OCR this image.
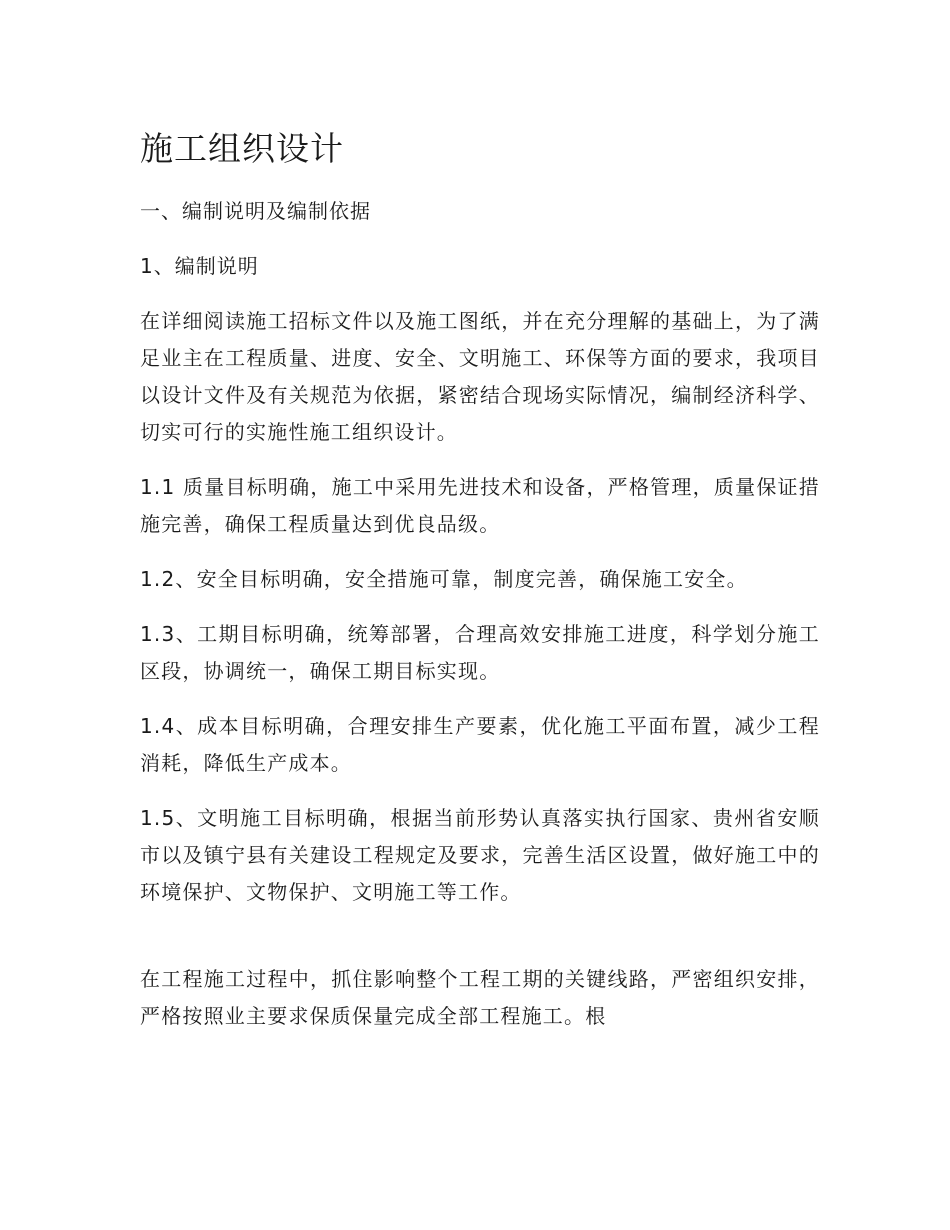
施工组织设计
一、编制说明及编制依据
1、编制说明

在详细阅读施工招标文件以及施工图纸，并在充分理解的基础上，为了满足业主在工程质量、进度、安全、文明施工、环保等方面的要求，我项目以设计文件及有关规范为依据，紧密结合现场实际情况，编制经济科学、切实可行的实施性施工组织设计。

1.1 质量目标明确，施工中采用先进技术和设备，严格管理，质量保证措施完善，确保工程质量达到优良品级。

1.2、安全目标明确，安全措施可靠，制度完善，确保施工安全。

1.3、工期目标明确，统筹部署，合理高效安排施工进度，科学划分施工区段，协调统一，确保工期目标实现。

1.4、成本目标明确，合理安排生产要素，优化施工平面布置，减少工程消耗，降低生产成本。

1.5、文明施工目标明确，根据当前形势认真落实执行国家、贵州省安顺市以及镇宁县有关建设工程规定及要求，完善生活区设置，做好施工中的环境保护、文物保护、文明施工等工作。

在工程施工过程中，抓住影响整个工程工期的关键线路，严密组织安排，严格按照业主要求保质保量完成全部工程施工。根
